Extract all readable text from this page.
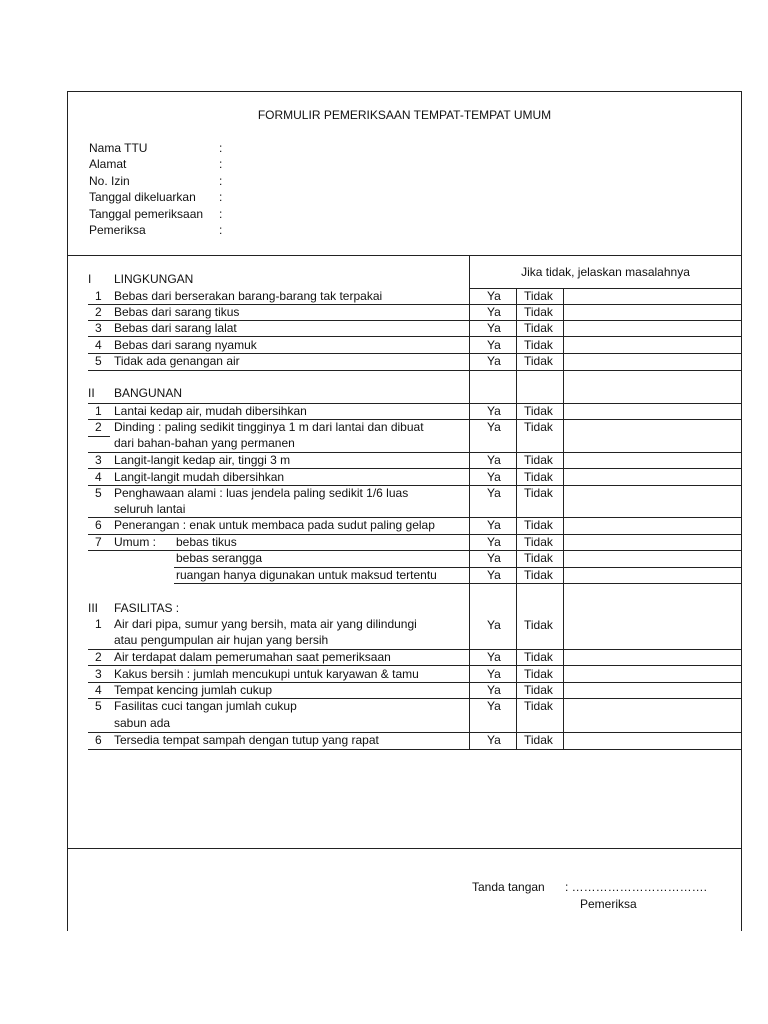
FORMULIR PEMERIKSAAN TEMPAT-TEMPAT UMUM
Nama TTU	:
Alamat	:
No. Izin	:
Tanggal dikeluarkan :
Tanggal pemeriksaan :
Pemeriksa	:
Jika tidak, jelaskan masalahnya
I LINGKUNGAN
1 Bebas dari berserakan barang-barang tak terpakai	Ya Tidak
2 Bebas dari sarang tikus	Ya Tidak
3 Bebas dari sarang lalat	Ya Tidak
4 Bebas dari sarang nyamuk	Ya Tidak
5 Tidak ada genangan air	Ya Tidak
II BANGUNAN
1 Lantai kedap air, mudah dibersihkan	Ya Tidak
2 Dinding : paling sedikit tingginya 1 m dari lantai dan dibuat
dari bahan-bahan yang permanen
Ya Tidak
3 Langit-langit kedap air, tinggi 3 m	Ya Tidak
4 Langit-langit mudah dibersihkan	Ya Tidak
5 Penghawaan alami : luas jendela paling sedikit 1/6 luas
seluruh lantai
Ya Tidak
6 Penerangan : enak untuk membaca pada sudut paling gelap	Ya Tidak
7 Umum : bebas tikus	Ya Tidak
bebas serangga	Ya Tidak
ruangan hanya digunakan untuk maksud tertentu	Ya Tidak
III FASILITAS :
1 Air dari pipa, sumur yang bersih, mata air yang dilindungi
atau pengumpulan air hujan yang bersih
Ya Tidak
2 Air terdapat dalam pemerumahan saat pemeriksaan	Ya Tidak
3 Kakus bersih : jumlah mencukupi untuk karyawan & tamu	Ya Tidak
4 Tempat kencing jumlah cukup	Ya Tidak
5 Fasilitas cuci tangan jumlah cukup
sabun ada
Ya Tidak
6 Tersedia tempat sampah dengan tutup yang rapat	Ya Tidak
Tanda tangan : …………………………….
Pemeriksa
